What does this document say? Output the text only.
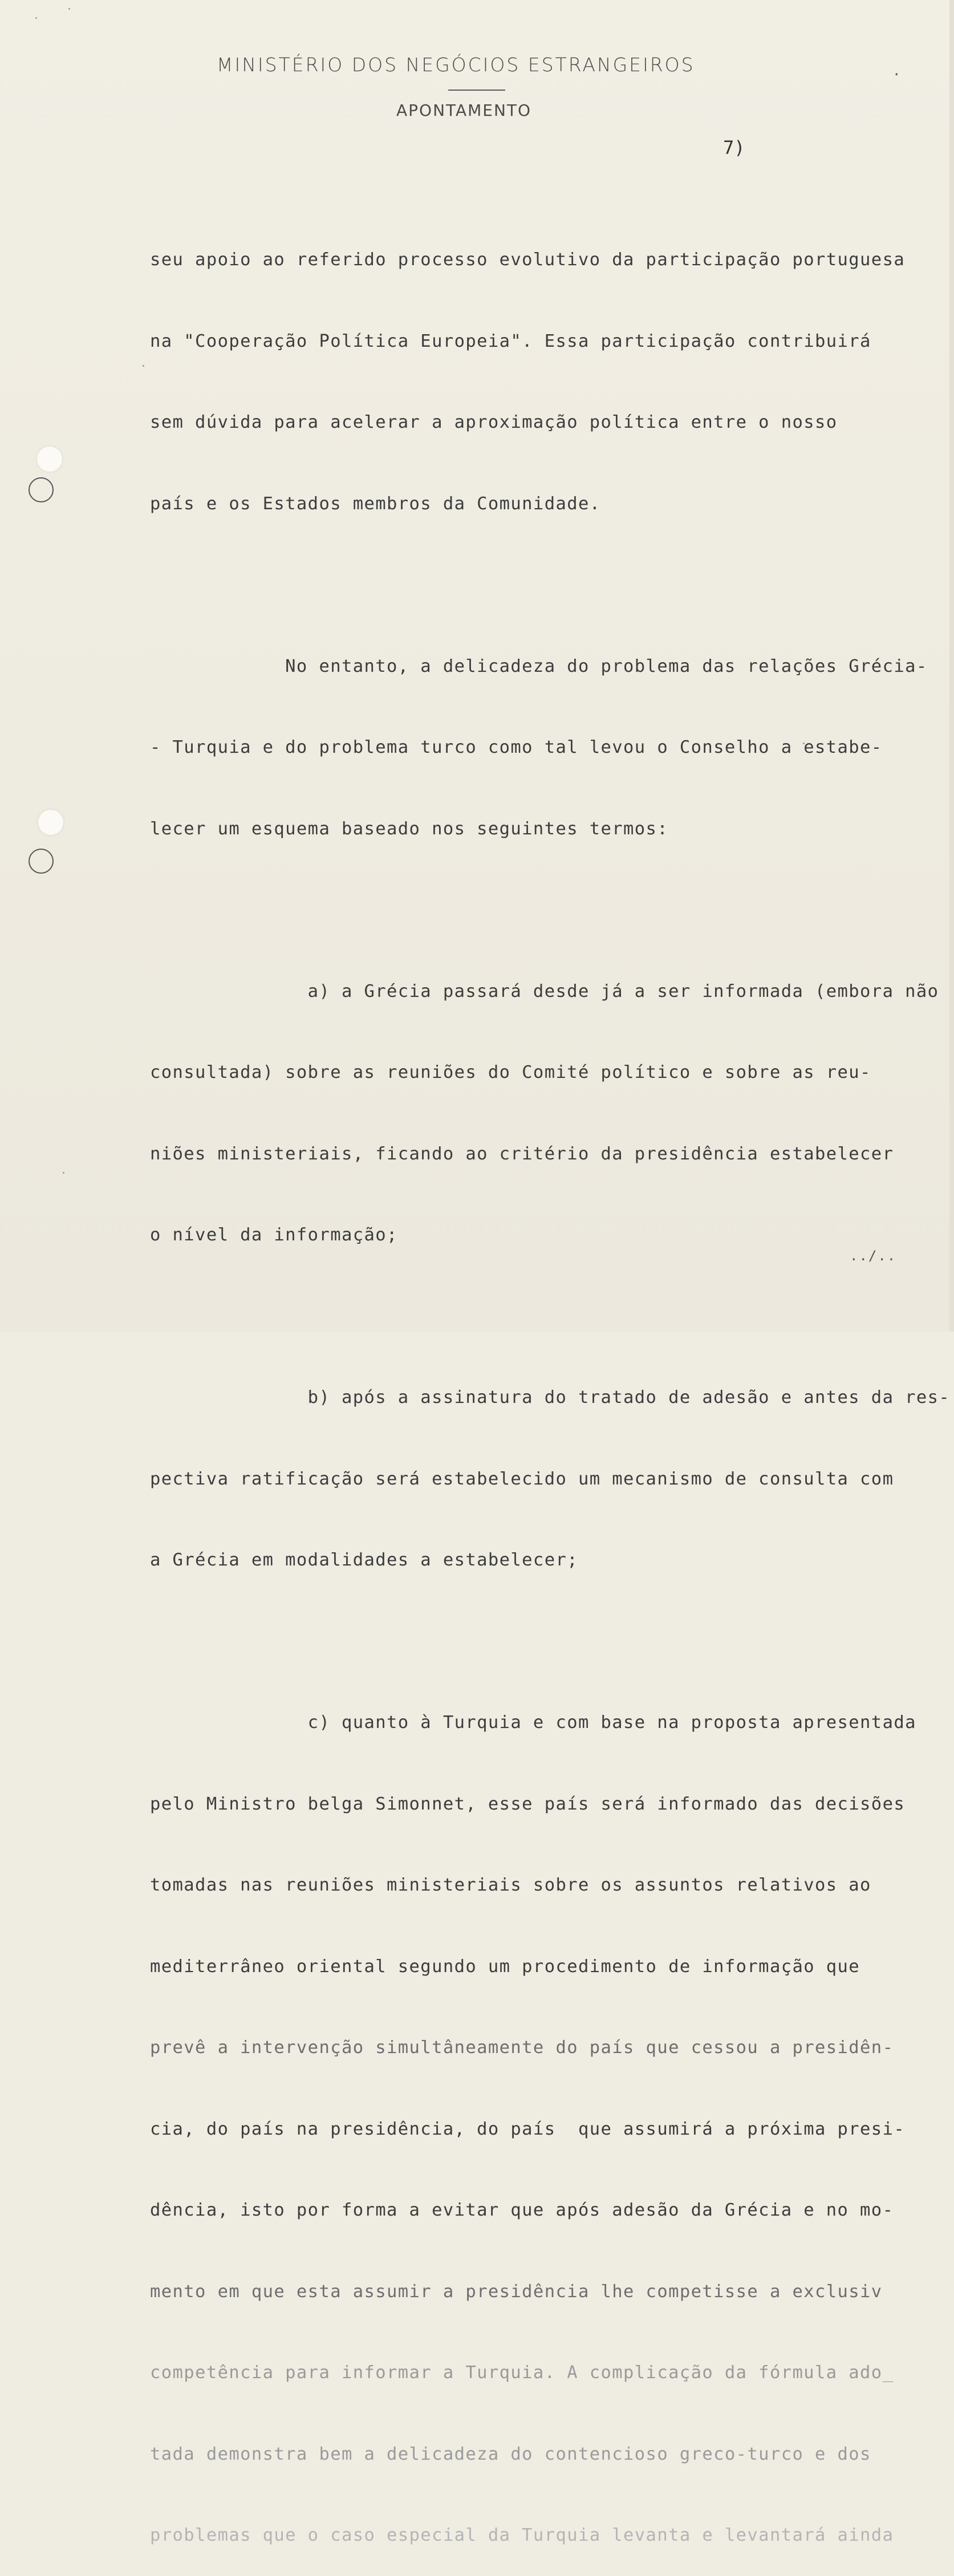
MINISTÉRIO DOS NEGÓCIOS ESTRANGEIROS
APONTAMENTO
7)
.

seu apoio ao referido processo evolutivo da participação portuguesa

na "Cooperação Política Europeia". Essa participação contribuirá

sem dúvida para acelerar a aproximação política entre o nosso

país e os Estados membros da Comunidade.

No entanto, a delicadeza do problema das relações Grécia-

- Turquia e do problema turco como tal levou o Conselho a estabe-

lecer um esquema baseado nos seguintes termos:

a) a Grécia passará desde já a ser informada (embora não

consultada) sobre as reuniões do Comité político e sobre as reu-

niões ministeriais, ficando ao critério da presidência estabelecer

o nível da informação;

b) após a assinatura do tratado de adesão e antes da res-

pectiva ratificação será estabelecido um mecanismo de consulta com

a Grécia em modalidades a estabelecer;

c) quanto à Turquia e com base na proposta apresentada

pelo Ministro belga Simonnet, esse país será informado das decisões

tomadas nas reuniões ministeriais sobre os assuntos relativos ao

mediterrâneo oriental segundo um procedimento de informação que

prevê a intervenção simultâneamente do país que cessou a presidên-

cia, do país na presidência, do país  que assumirá a próxima presi-

dência, isto por forma a evitar que após adesão da Grécia e no mo-

mento em que esta assumir a presidência lhe competisse a exclusiv

competência para informar a Turquia. A complicação da fórmula ado_

tada demonstra bem a delicadeza do contencioso greco-turco e dos

problemas que o caso especial da Turquia levanta e levantará ainda

../..
